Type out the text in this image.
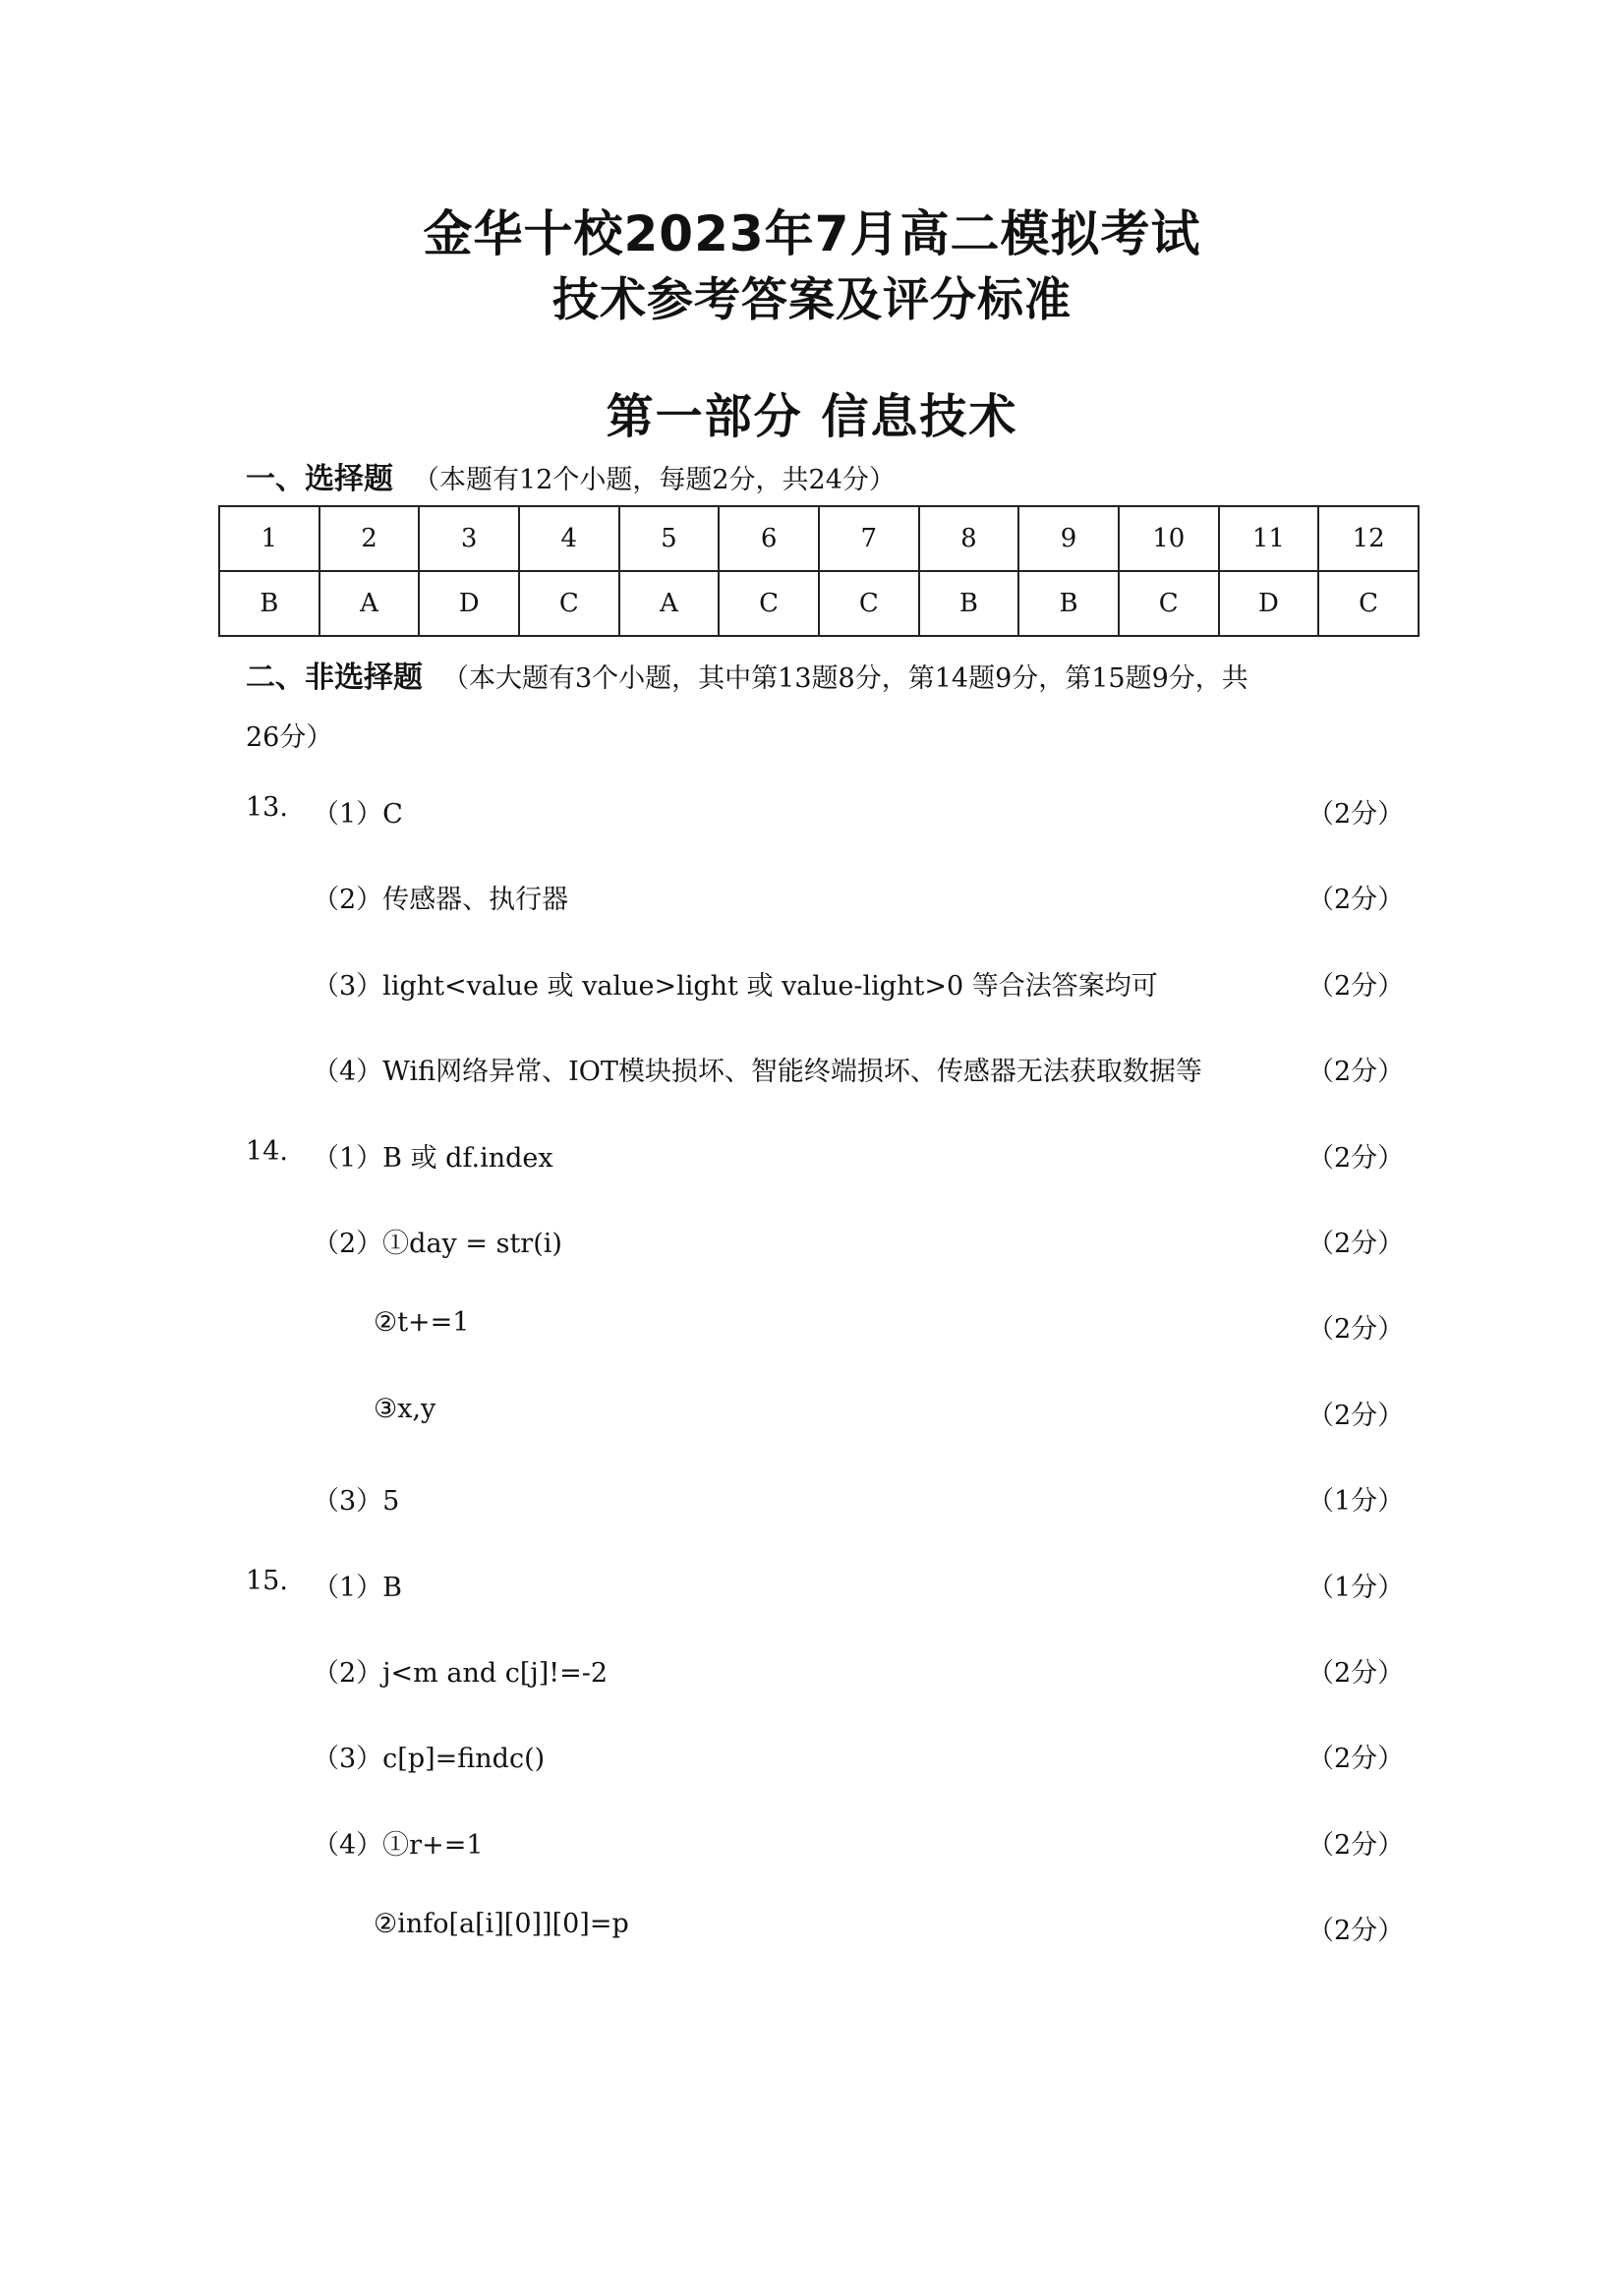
金华十校2023年7月高二模拟考试
技术参考答案及评分标准
第一部分 信息技术
一、选择题 （本题有12个小题，每题2分，共24分）
1	2	3	4	5	6	7	8	9	10	11	12
B	A	D	C	A	C	C	B	B	C	D	C
二、非选择题 （本大题有3个小题，其中第13题8分，第14题9分，第15题9分，共
26分）
13. （1）C	（2分）
（2）传感器、执行器	（2分）
（3）light<value 或 value>light 或 value-light>0 等合法答案均可	（2分）
（4）Wifi网络异常、IOT模块损坏、智能终端损坏、传感器无法获取数据等	（2分）
14. （1）B 或 df.index	（2分）
（2）①day = str(i)	（2分）
②t+=1	（2分）
③x,y	（2分）
（3）5	（1分）
15. （1）B	（1分）
（2）j<m and c[j]!=-2	（2分）
（3）c[p]=findc()	（2分）
（4）①r+=1	（2分）
②info[a[i][0]][0]=p	（2分）
